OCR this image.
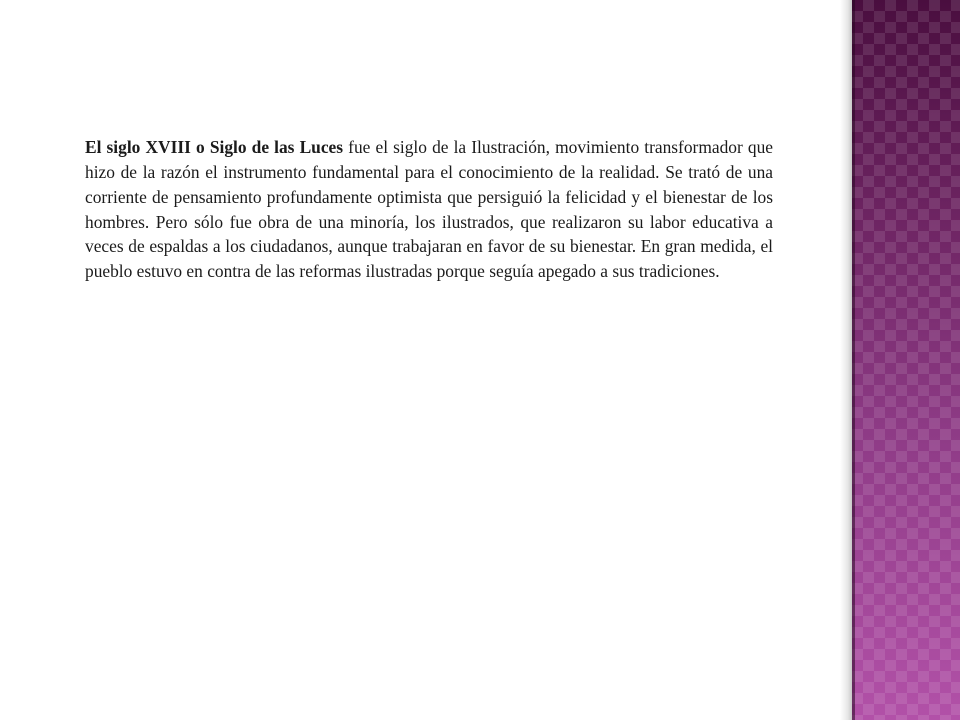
El siglo XVIII o Siglo de las Luces fue el siglo de la Ilustración, movimiento transformador que hizo de la razón el instrumento fundamental para el conocimiento de la realidad. Se trató de una corriente de pensamiento profundamente optimista que persiguió la felicidad y el bienestar de los hombres. Pero sólo fue obra de una minoría, los ilustrados, que realizaron su labor educativa a veces de espaldas a los ciudadanos, aunque trabajaran en favor de su bienestar. En gran medida, el pueblo estuvo en contra de las reformas ilustradas porque seguía apegado a sus tradiciones.
